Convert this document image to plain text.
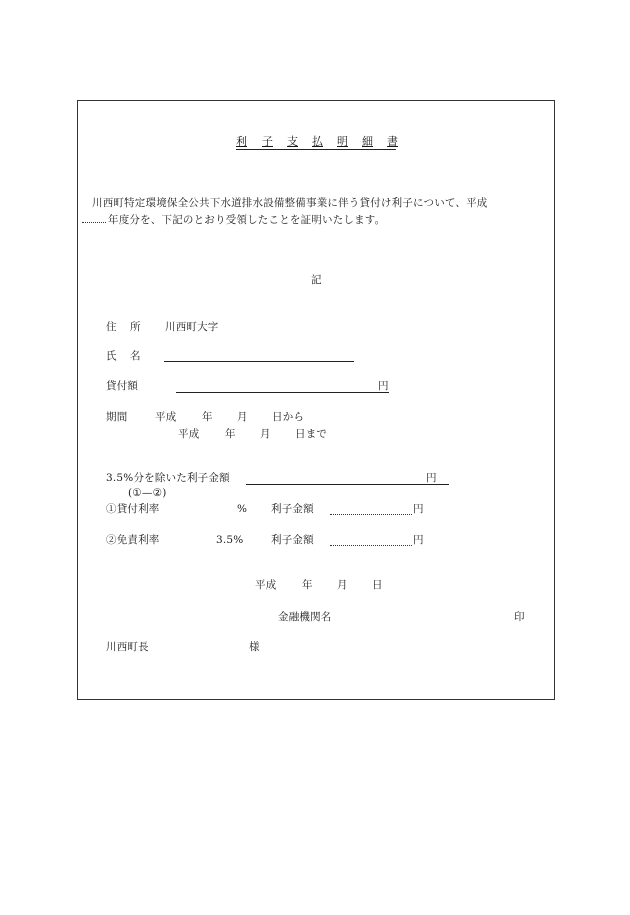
利 子 支 払 明 細 書
川西町特定環境保全公共下水道排水設備整備事業に伴う貸付け利子について、平成
年度分を、下記のとおり受領したことを証明いたします。
記
住 所 川西町大字
氏 名
貸付額	円
期間	平成 年 月 日から
平成 年 月 日まで
3.5%分を除いた利子金額	円
(①—②)
①貸付利率	% 利子金額	円
②免責利率	3.5%	利子金額	円
平成 年 月 日
金融機関名	印
川西町長	様
